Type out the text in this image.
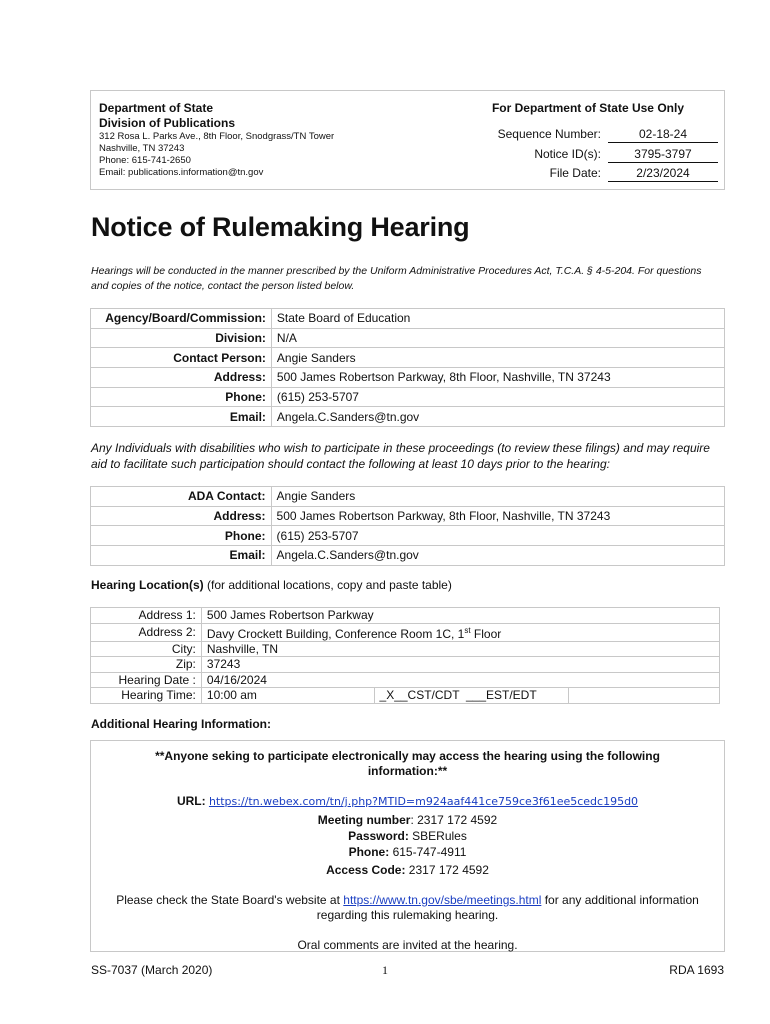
Department of State
Division of Publications
312 Rosa L. Parks Ave., 8th Floor, Snodgrass/TN Tower
Nashville, TN 37243
Phone: 615-741-2650
Email: publications.information@tn.gov
For Department of State Use Only
Sequence Number:	02-18-24
Notice ID(s):	3795-3797
File Date:	2/23/2024
Notice of Rulemaking Hearing

Hearings will be conducted in the manner prescribed by the Uniform Administrative Procedures Act, T.C.A. § 4-5-204. For questions and copies of the notice, contact the person listed below.

Agency/Board/Commission:	State Board of Education
Division:	N/A
Contact Person:	Angie Sanders
Address:	500 James Robertson Parkway, 8th Floor, Nashville, TN 37243
Phone:	(615) 253-5707
Email:	Angela.C.Sanders@tn.gov

Any Individuals with disabilities who wish to participate in these proceedings (to review these filings) and may require aid to facilitate such participation should contact the following at least 10 days prior to the hearing:

ADA Contact:	Angie Sanders
Address:	500 James Robertson Parkway, 8th Floor, Nashville, TN 37243
Phone:	(615) 253-5707
Email:	Angela.C.Sanders@tn.gov
Hearing Location(s) (for additional locations, copy and paste table)
Address 1:	500 James Robertson Parkway		
Address 2:	Davy Crockett Building, Conference Room 1C, 1st Floor		
City:	Nashville, TN		
Zip:	37243		
Hearing Date :	04/16/2024		
Hearing Time:	10:00 am	_X__CST/CDT  ___EST/EDT	
Additional Hearing Information:
**Anyone seking to participate electronically may access the hearing using the following
information:**
URL: https://tn.webex.com/tn/j.php?MTID=m924aaf441ce759ce3f61ee5cedc195d0
Meeting number: 2317 172 4592
Password: SBERules
Phone: 615-747-4911
Access Code: 2317 172 4592
Please check the State Board's website at https://www.tn.gov/sbe/meetings.html for any additional information
regarding this rulemaking hearing.
Oral comments are invited at the hearing.
SS-7037 (March 2020)	1	RDA 1693
